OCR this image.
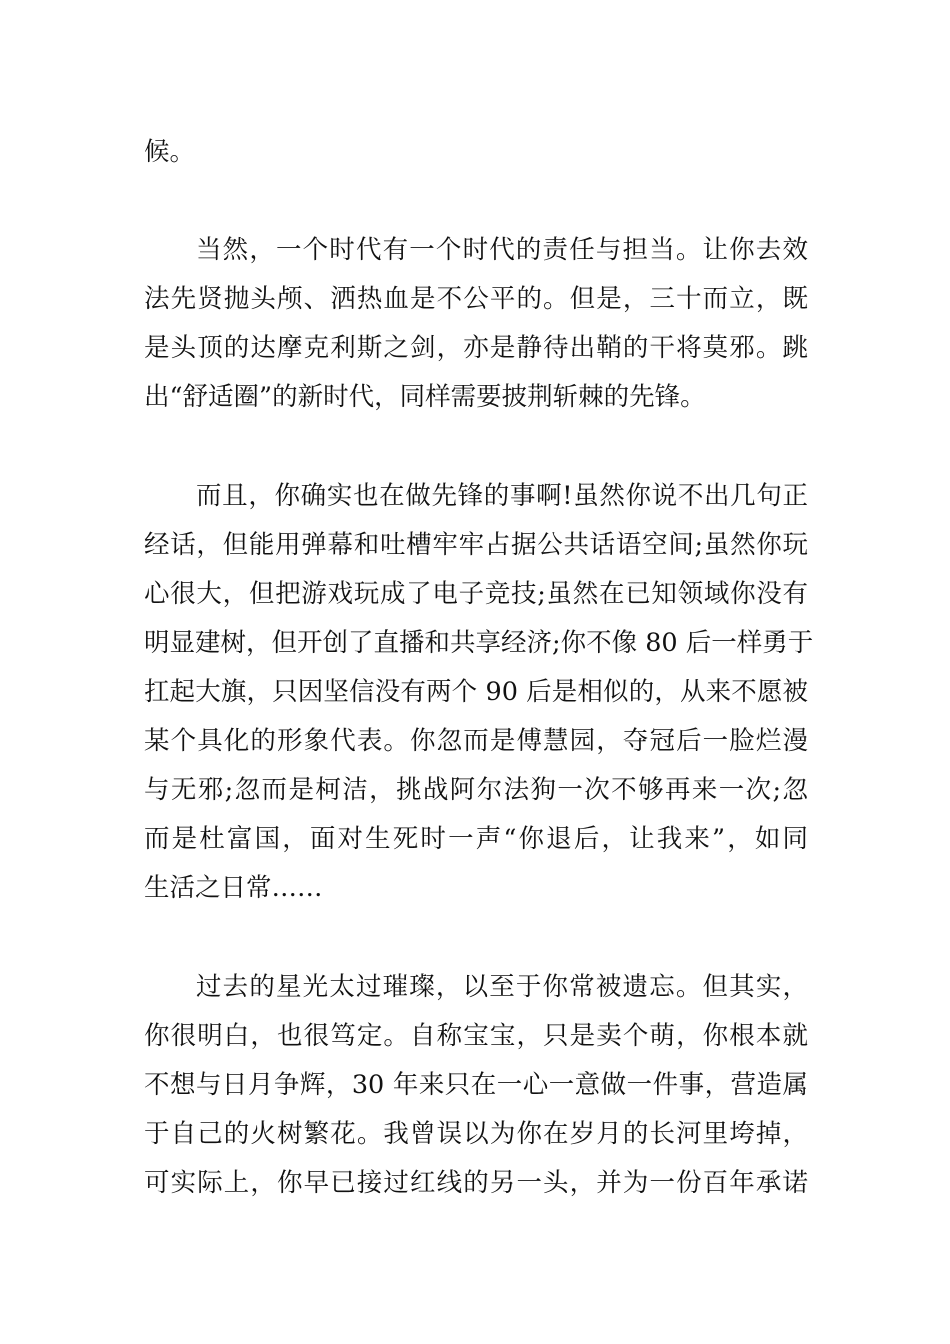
候。
当然，一个时代有一个时代的责任与担当。让你去效
法先贤抛头颅、洒热血是不公平的。但是，三十而立，既
是头顶的达摩克利斯之剑，亦是静待出鞘的干将莫邪。跳
出“舒适圈”的新时代，同样需要披荆斩棘的先锋。
而且，你确实也在做先锋的事啊!虽然你说不出几句正
经话，但能用弹幕和吐槽牢牢占据公共话语空间;虽然你玩
心很大，但把游戏玩成了电子竞技;虽然在已知领域你没有
明显建树，但开创了直播和共享经济;你不像 80 后一样勇于
扛起大旗，只因坚信没有两个 90 后是相似的，从来不愿被
某个具化的形象代表。你忽而是傅慧园，夺冠后一脸烂漫
与无邪;忽而是柯洁，挑战阿尔法狗一次不够再来一次;忽
而是杜富国，面对生死时一声“你退后，让我来”，如同
生活之日常……
过去的星光太过璀璨，以至于你常被遗忘。但其实，
你很明白，也很笃定。自称宝宝，只是卖个萌，你根本就
不想与日月争辉，30 年来只在一心一意做一件事，营造属
于自己的火树繁花。我曾误以为你在岁月的长河里垮掉，
可实际上，你早已接过红线的另一头，并为一份百年承诺
